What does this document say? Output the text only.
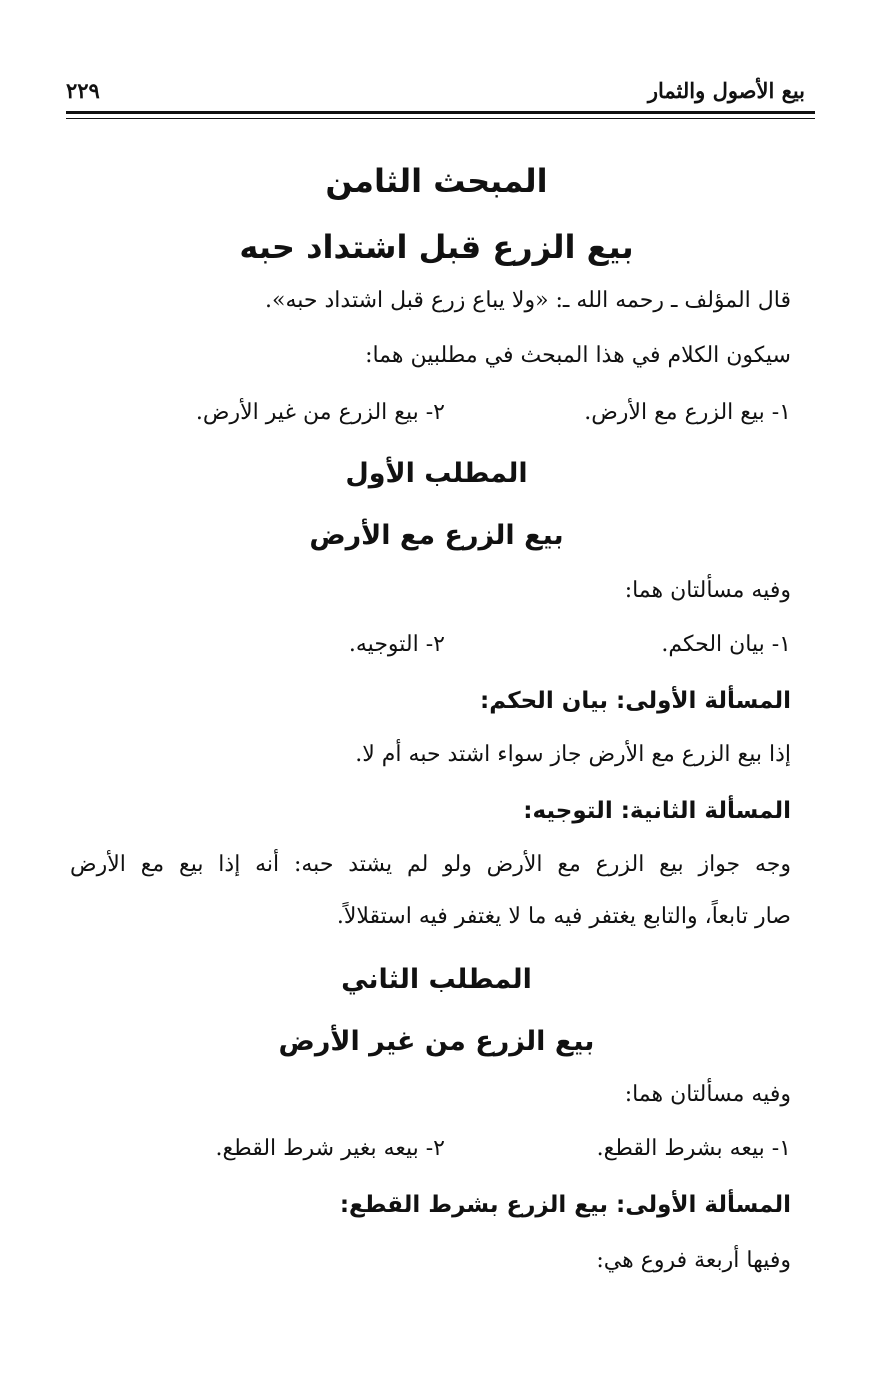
بيع الأصول والثمار
٢٢٩
المبحث الثامن
بيع الزرع قبل اشتداد حبه
قال المؤلف ـ رحمه الله ـ: «ولا يباع زرع قبل اشتداد حبه».
سيكون الكلام في هذا المبحث في مطلبين هما:
١- بيع الزرع مع الأرض.
٢- بيع الزرع من غير الأرض.
المطلب الأول
بيع الزرع مع الأرض
وفيه مسألتان هما:
١- بيان الحكم.
٢- التوجيه.
المسألة الأولى: بيان الحكم:
إذا بيع الزرع مع الأرض جاز سواء اشتد حبه أم لا.
المسألة الثانية: التوجيه:
وجه جواز بيع الزرع مع الأرض ولو لم يشتد حبه: أنه إذا بيع مع الأرض
صار تابعاً، والتابع يغتفر فيه ما لا يغتفر فيه استقلالاً.
المطلب الثاني
بيع الزرع من غير الأرض
وفيه مسألتان هما:
١- بيعه بشرط القطع.
٢- بيعه بغير شرط القطع.
المسألة الأولى: بيع الزرع بشرط القطع:
وفيها أربعة فروع هي:
